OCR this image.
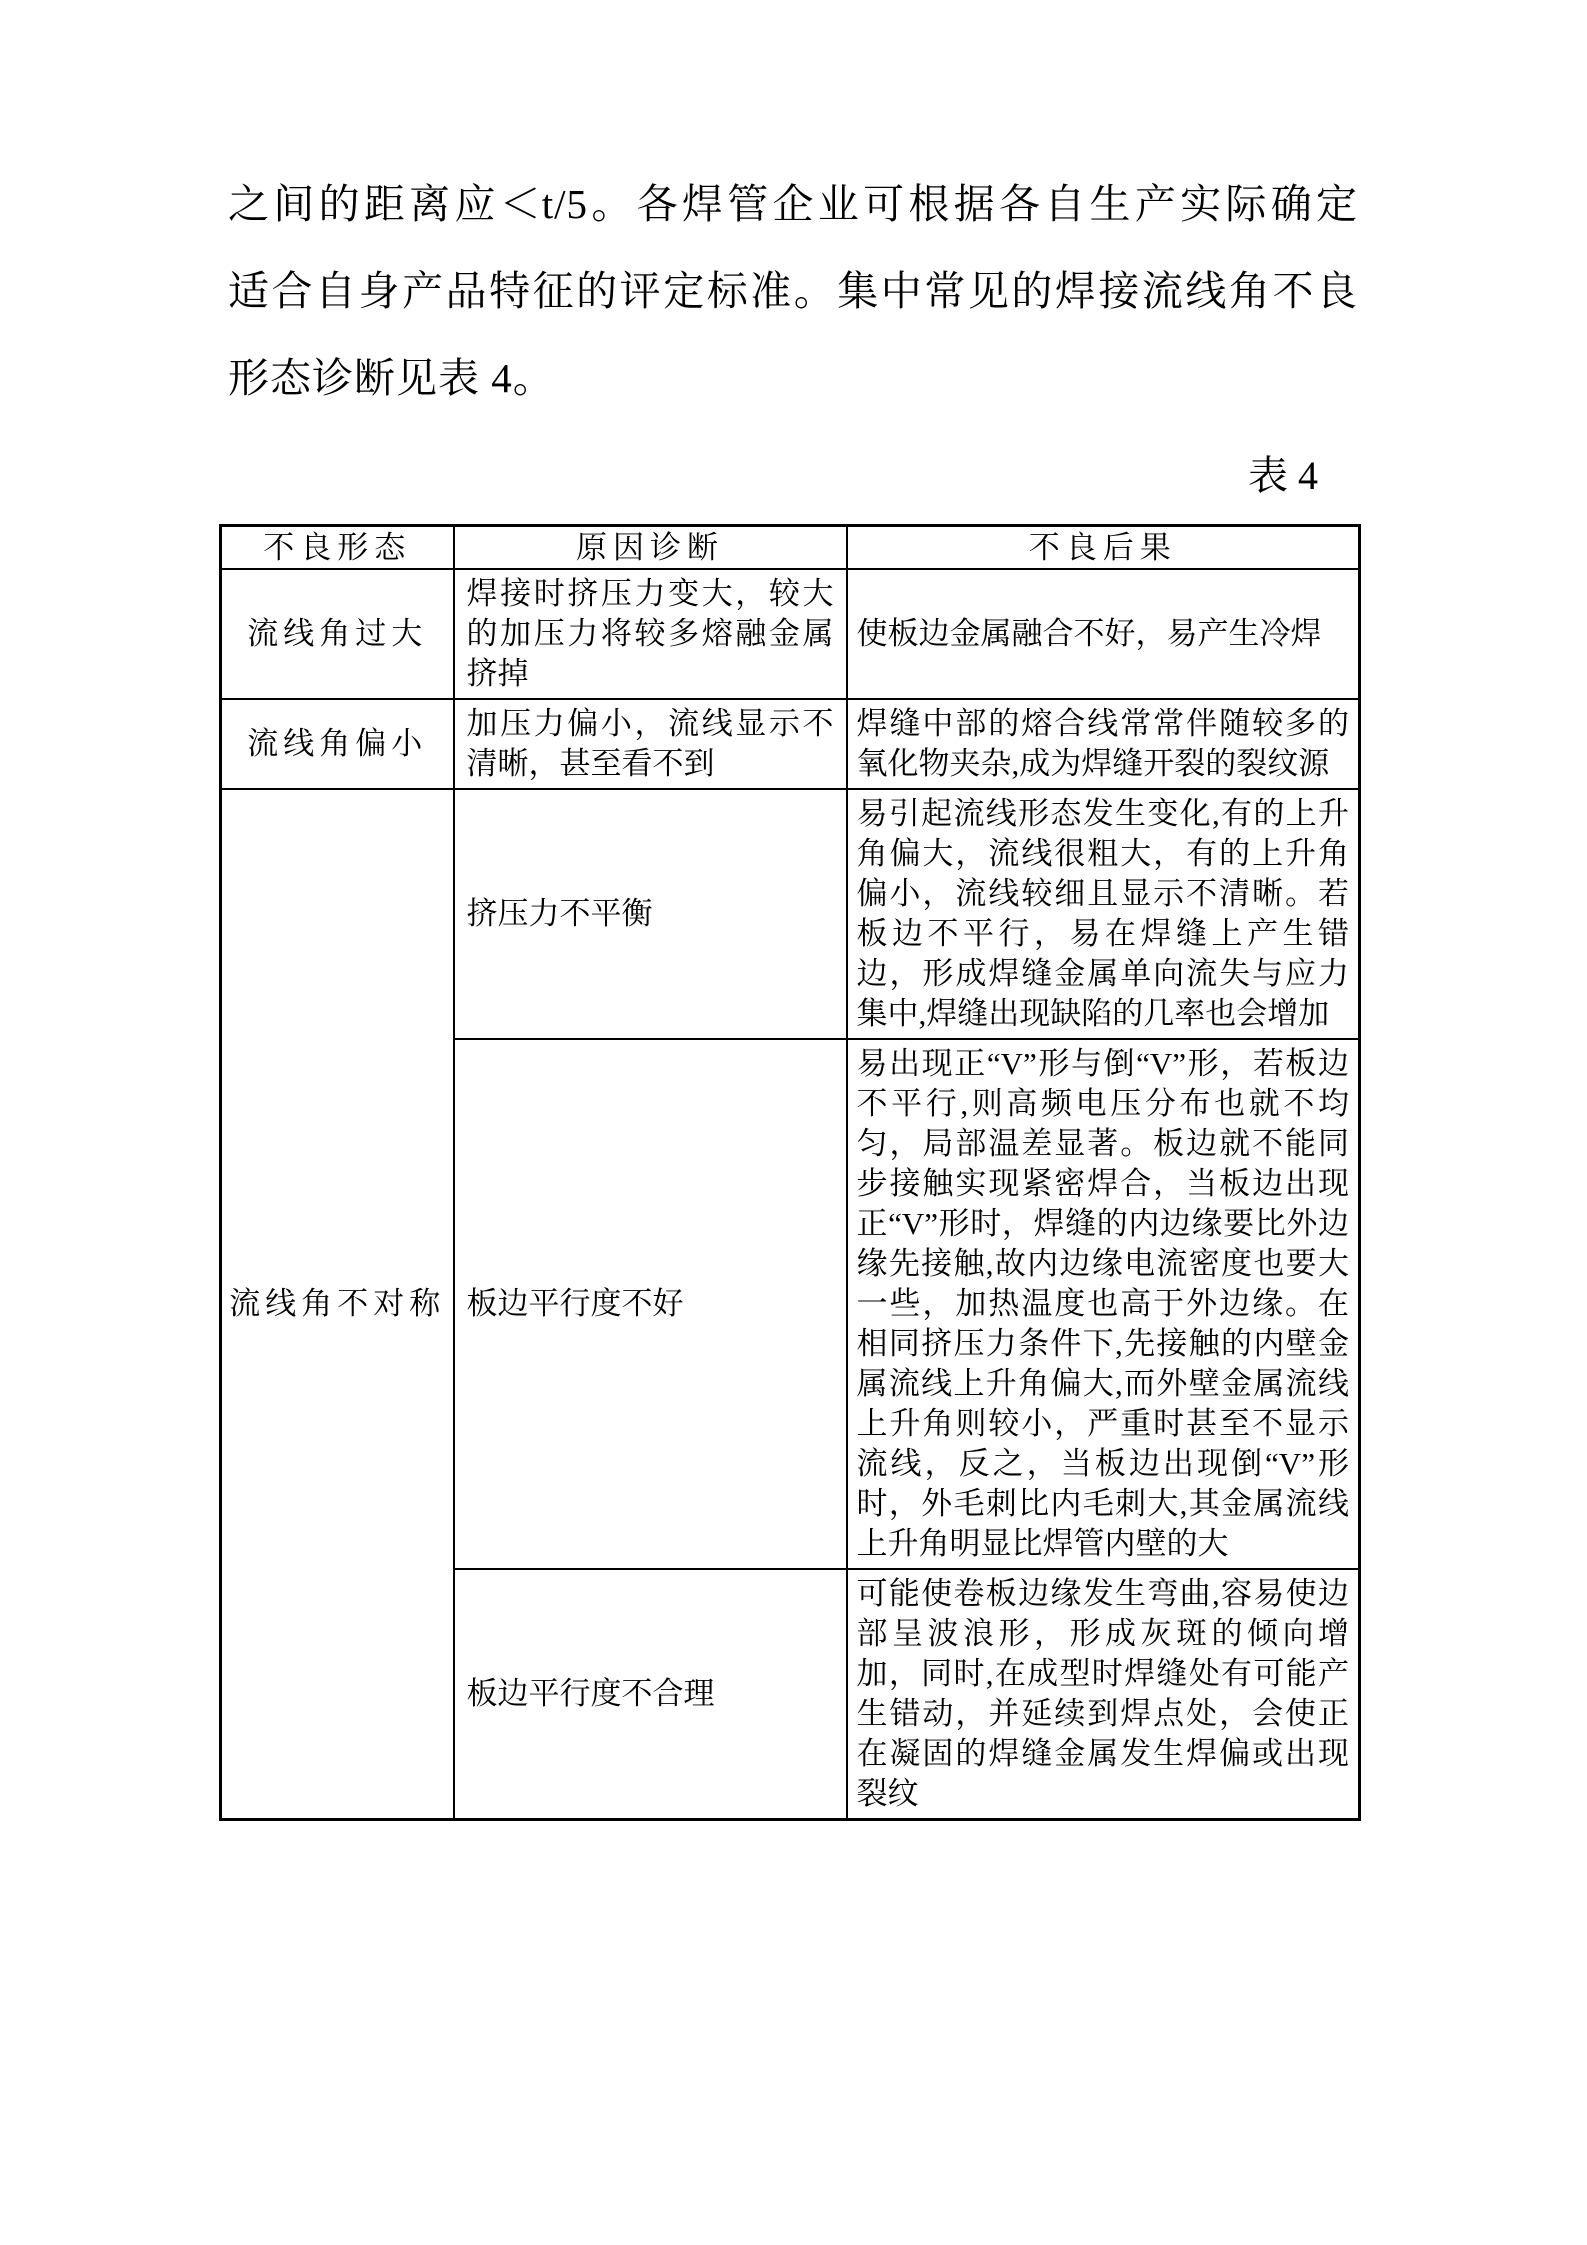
之间的距离应＜t/5。各焊管企业可根据各自生产实际确定
适合自身产品特征的评定标准。集中常见的焊接流线角不良
形态诊断见表 4。

表 4
不良形态	原因诊断	不良后果
流线角过大	焊接时挤压力变大，较大的加压力将较多熔融金属挤掉	使板边金属融合不好，易产生冷焊
流线角偏小	加压力偏小，流线显示不清晰，甚至看不到	焊缝中部的熔合线常常伴随较多的氧化物夹杂,成为焊缝开裂的裂纹源
流线角不对称	挤压力不平衡	易引起流线形态发生变化,有的上升角偏大，流线很粗大，有的上升角偏小，流线较细且显示不清晰。若板边不平行，易在焊缝上产生错边，形成焊缝金属单向流失与应力集中,焊缝出现缺陷的几率也会增加
	板边平行度不好	易出现正“V”形与倒“V”形，若板边不平行,则高频电压分布也就不均匀，局部温差显著。板边就不能同步接触实现紧密焊合，当板边出现正“V”形时，焊缝的内边缘要比外边缘先接触,故内边缘电流密度也要大一些，加热温度也高于外边缘。在相同挤压力条件下,先接触的内壁金属流线上升角偏大,而外壁金属流线上升角则较小，严重时甚至不显示流线，反之，当板边出现倒“V”形时，外毛刺比内毛刺大,其金属流线上升角明显比焊管内壁的大
	板边平行度不合理	可能使卷板边缘发生弯曲,容易使边部呈波浪形，形成灰斑的倾向增加，同时,在成型时焊缝处有可能产生错动，并延续到焊点处，会使正在凝固的焊缝金属发生焊偏或出现裂纹
